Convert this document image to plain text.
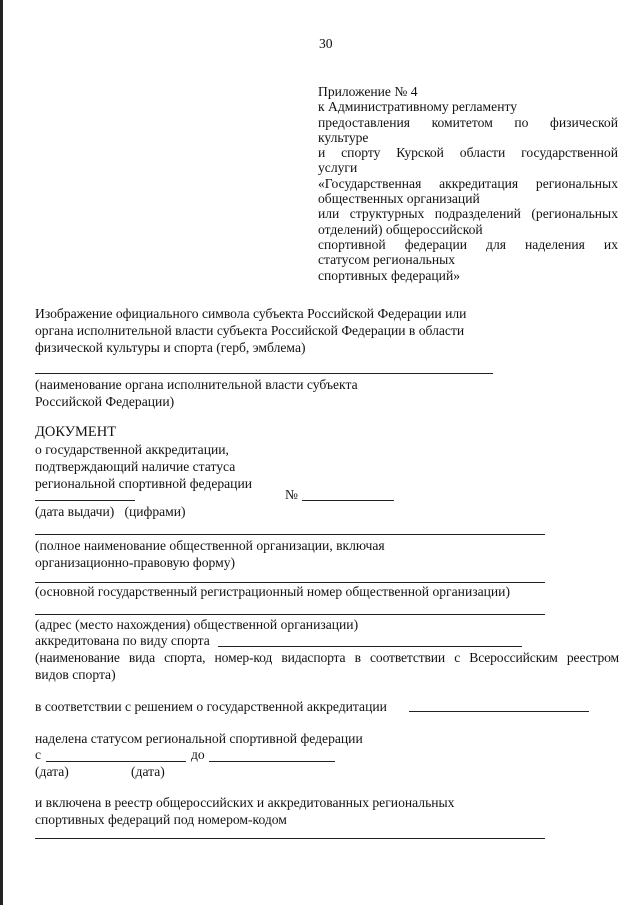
30
Приложение № 4
к Административному регламенту
предоставления комитетом по физической
культуре
и спорту Курской области государственной
услуги
«Государственная аккредитация региональных
общественных организаций
или структурных подразделений (региональных
отделений) общероссийской
спортивной федерации для наделения их
статусом региональных
спортивных федераций»
Изображение официального символа субъекта Российской Федерации или
органа исполнительной власти субъекта Российской Федерации в области
физической культуры и спорта (герб, эмблема)
(наименование органа исполнительной власти субъекта
Российской Федерации)
ДОКУМЕНТ
о государственной аккредитации,
подтверждающий наличие статуса
региональной спортивной федерации
№
(дата выдачи)   (цифрами)
(полное наименование общественной организации, включая
организационно-правовую форму)
(основной государственный регистрационный номер общественной организации)
(адрес (место нахождения) общественной организации)
аккредитована по виду спорта
(наименование вида спорта, номер-код видаспорта в соответствии с Всероссийским реестром
видов спорта)
в соответствии с решением о государственной аккредитации
наделена статусом региональной спортивной федерации
с	до
(дата)	(дата)
и включена в реестр общероссийских и аккредитованных региональных
спортивных федераций под номером-кодом
